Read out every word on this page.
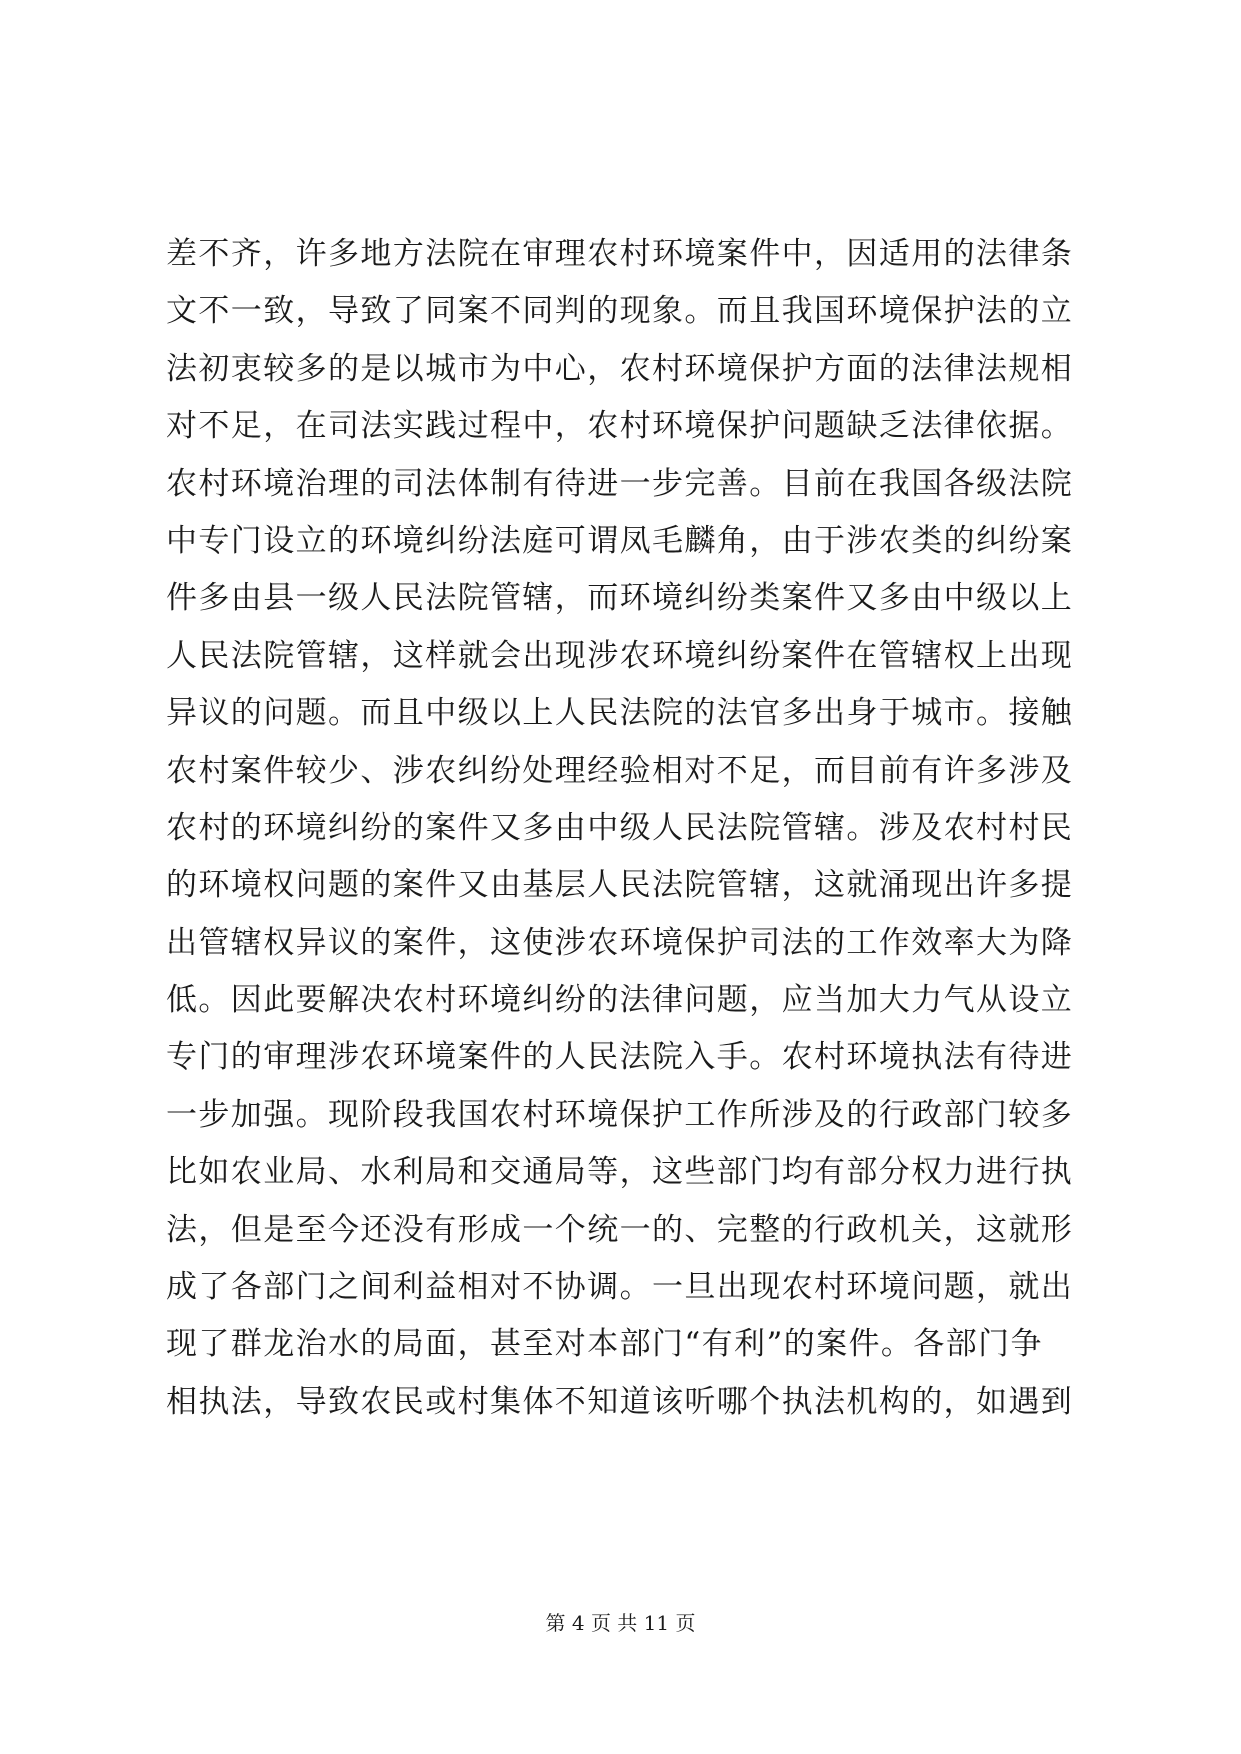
差不齐，许多地方法院在审理农村环境案件中，因适用的法律条
文不一致，导致了同案不同判的现象。而且我国环境保护法的立
法初衷较多的是以城市为中心，农村环境保护方面的法律法规相
对不足，在司法实践过程中，农村环境保护问题缺乏法律依据。
农村环境治理的司法体制有待进一步完善。目前在我国各级法院
中专门设立的环境纠纷法庭可谓凤毛麟角，由于涉农类的纠纷案
件多由县一级人民法院管辖，而环境纠纷类案件又多由中级以上
人民法院管辖，这样就会出现涉农环境纠纷案件在管辖权上出现
异议的问题。而且中级以上人民法院的法官多出身于城市。接触
农村案件较少、涉农纠纷处理经验相对不足，而目前有许多涉及
农村的环境纠纷的案件又多由中级人民法院管辖。涉及农村村民
的环境权问题的案件又由基层人民法院管辖，这就涌现出许多提
出管辖权异议的案件，这使涉农环境保护司法的工作效率大为降
低。因此要解决农村环境纠纷的法律问题，应当加大力气从设立
专门的审理涉农环境案件的人民法院入手。农村环境执法有待进
一步加强。现阶段我国农村环境保护工作所涉及的行政部门较多
比如农业局、水利局和交通局等，这些部门均有部分权力进行执
法，但是至今还没有形成一个统一的、完整的行政机关，这就形
成了各部门之间利益相对不协调。一旦出现农村环境问题，就出
现了群龙治水的局面，甚至对本部门“有利”的案件。各部门争
相执法，导致农民或村集体不知道该听哪个执法机构的，如遇到
第 4 页 共 11 页
